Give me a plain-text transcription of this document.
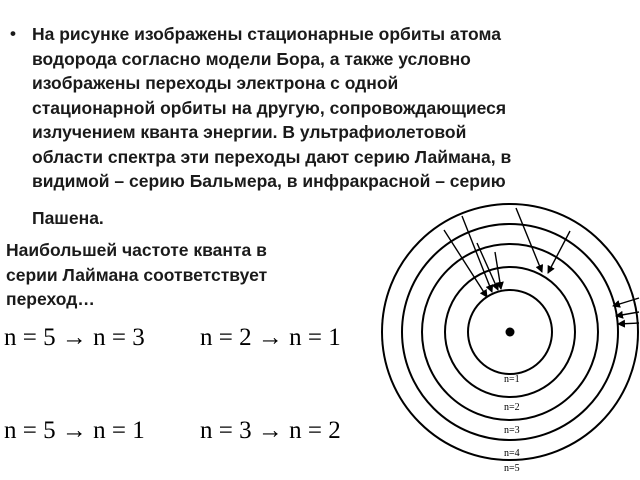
• На рисунке изображены стационарные орбиты атома
водорода согласно модели Бора, а также условно
изображены переходы электрона с одной
стационарной орбиты на другую, сопровождающиеся
излучением кванта энергии. В ультрафиолетовой
области спектра эти переходы дают серию Лаймана, в
видимой – серию Бальмера, в инфракрасной – серию
Пашена.
Наибольшей частоте кванта в
серии Лаймана соответствует
переход…
n = 5 → n = 3 n = 2 → n = 1
n = 5 → n = 1 n = 3 → n = 2
n=1
n=2
n=3
n=4
n=5
